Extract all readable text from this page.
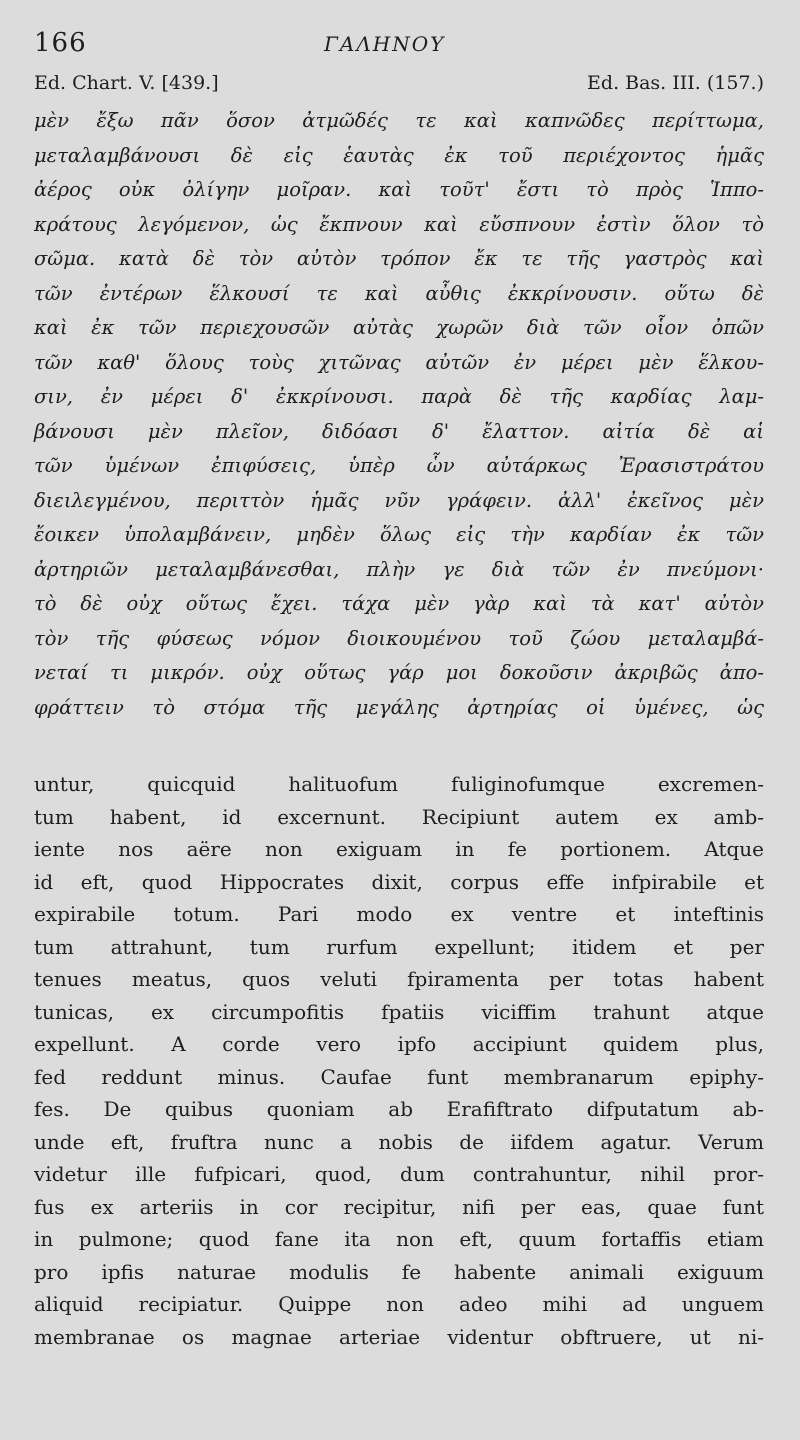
166	ΓΑΛΗΝΟΥ
Ed. Chart. V. [439.]	Ed. Bas. III. (157.)
μὲν ἔξω πᾶν ὅσον ἀτμῶδές τε καὶ καπνῶδες περίττωμα,
μεταλαμβάνουσι δὲ εἰς ἑαυτὰς ἐκ τοῦ περιέχοντος ἡμᾶς
ἀέρος οὐκ ὀλίγην μοῖραν. καὶ τοῦτ' ἔστι τὸ πρὸς Ἱππο-
κράτους λεγόμενον, ὡς ἔκπνουν καὶ εὔσπνουν ἐστὶν ὅλον τὸ
σῶμα. κατὰ δὲ τὸν αὐτὸν τρόπον ἔκ τε τῆς γαστρὸς καὶ
τῶν ἐντέρων ἕλκουσί τε καὶ αὖθις ἐκκρίνουσιν. οὕτω δὲ
καὶ ἐκ τῶν περιεχουσῶν αὐτὰς χωρῶν διὰ τῶν οἷον ὀπῶν
τῶν καθ' ὅλους τοὺς χιτῶνας αὐτῶν ἐν μέρει μὲν ἕλκου-
σιν, ἐν μέρει δ' ἐκκρίνουσι. παρὰ δὲ τῆς καρδίας λαμ-
βάνουσι μὲν πλεῖον, διδόασι δ' ἔλαττον. αἰτία δὲ αἱ
τῶν ὑμένων ἐπιφύσεις, ὑπὲρ ὧν αὐτάρκως Ἐρασιστράτου
διειλεγμένου, περιττὸν ἡμᾶς νῦν γράφειν. ἀλλ' ἐκεῖνος μὲν
ἔοικεν ὑπολαμβάνειν, μηδὲν ὅλως εἰς τὴν καρδίαν ἐκ τῶν
ἀρτηριῶν μεταλαμβάνεσθαι, πλὴν γε διὰ τῶν ἐν πνεύμονι·
τὸ δὲ οὐχ οὕτως ἔχει. τάχα μὲν γὰρ καὶ τὰ κατ' αὐτὸν
τὸν τῆς φύσεως νόμον διοικουμένου τοῦ ζώου μεταλαμβά-
νεταί τι μικρόν. οὐχ οὕτως γάρ μοι δοκοῦσιν ἀκριβῶς ἀπο-
φράττειν τὸ στόμα τῆς μεγάλης ἀρτηρίας οἱ ὑμένες, ὡς
untur, quicquid halituofum fuliginofumque excremen-
tum habent, id excernunt. Recipiunt autem ex amb-
iente nos aëre non exiguam in fe portionem. Atque
id eft, quod Hippocrates dixit, corpus effe infpirabile et
expirabile totum. Pari modo ex ventre et inteftinis
tum attrahunt, tum rurfum expellunt; itidem et per
tenues meatus, quos veluti fpiramenta per totas habent
tunicas, ex circumpofitis fpatiis viciffim trahunt atque
expellunt. A corde vero ipfo accipiunt quidem plus,
fed reddunt minus. Caufae funt membranarum epiphy-
fes. De quibus quoniam ab Erafiftrato difputatum ab-
unde eft, fruftra nunc a nobis de iifdem agatur. Verum
videtur ille fufpicari, quod, dum contrahuntur, nihil pror-
fus ex arteriis in cor recipitur, nifi per eas, quae funt
in pulmone; quod fane ita non eft, quum fortaffis etiam
pro ipfis naturae modulis fe habente animali exiguum
aliquid recipiatur. Quippe non adeo mihi ad unguem
membranae os magnae arteriae videntur obftruere, ut ni-
